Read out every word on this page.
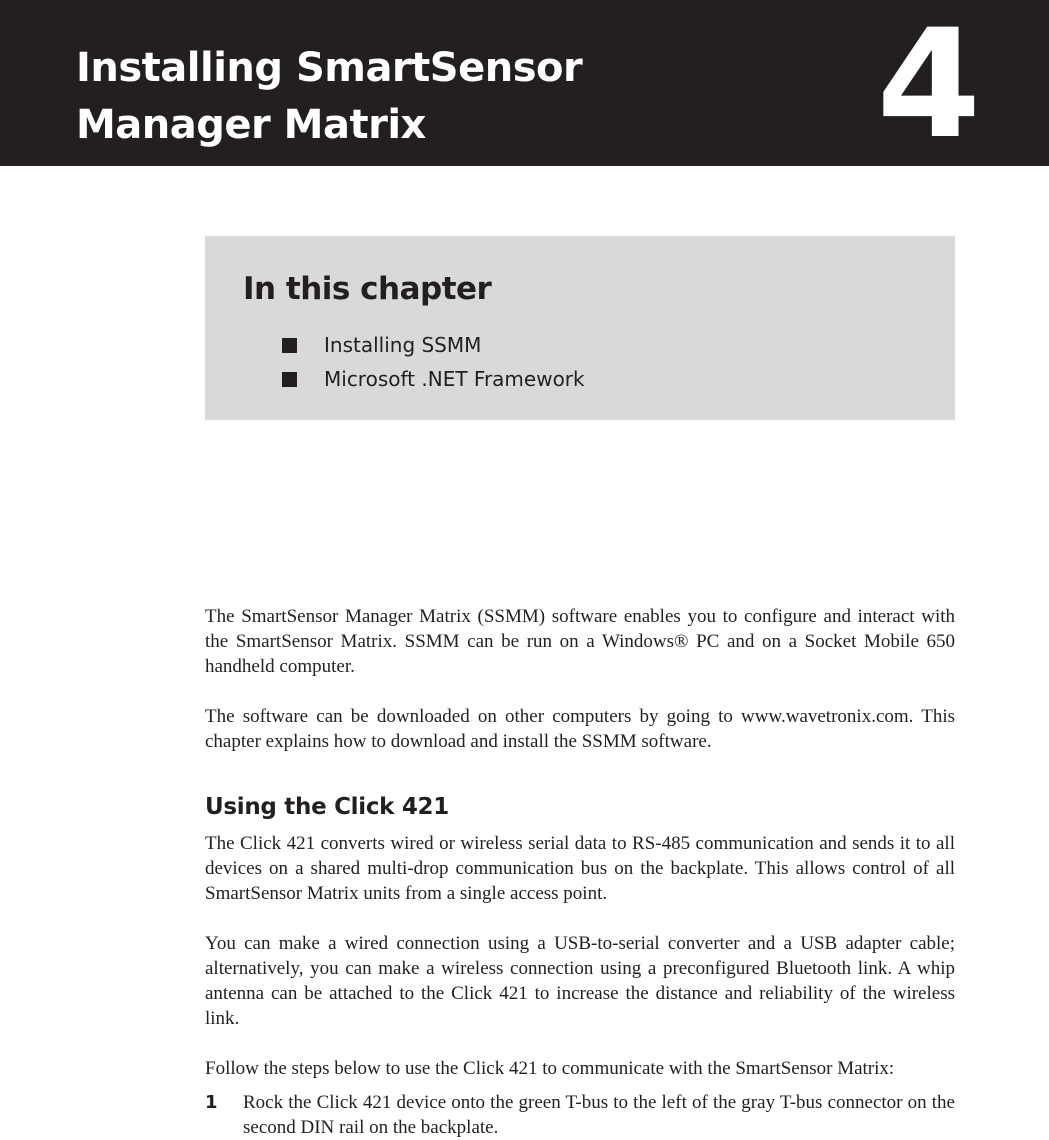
Installing SmartSensor
Manager Matrix	4
In this chapter
Installing SSMM
Microsoft .NET Framework

The SmartSensor Manager Matrix (SSMM) software enables you to configure and interact with the SmartSensor Matrix. SSMM can be run on a Windows® PC and on a Socket Mobile 650 handheld computer.

The software can be downloaded on other computers by going to www.wavetronix.com. This chapter explains how to download and install the SSMM software.

Using the Click 421

The Click 421 converts wired or wireless serial data to RS-485 communication and sends it to all devices on a shared multi-drop communication bus on the backplate. This allows control of all SmartSensor Matrix units from a single access point.

You can make a wired connection using a USB-to-serial converter and a USB adapter cable; alternatively, you can make a wireless connection using a preconfigured Bluetooth link. A whip antenna can be attached to the Click 421 to increase the distance and reliability of the wireless link.

Follow the steps below to use the Click 421 to communicate with the SmartSensor Matrix:

1 Rock the Click 421 device onto the green T-bus to the left of the gray T-bus connector on the second DIN rail on the backplate.
